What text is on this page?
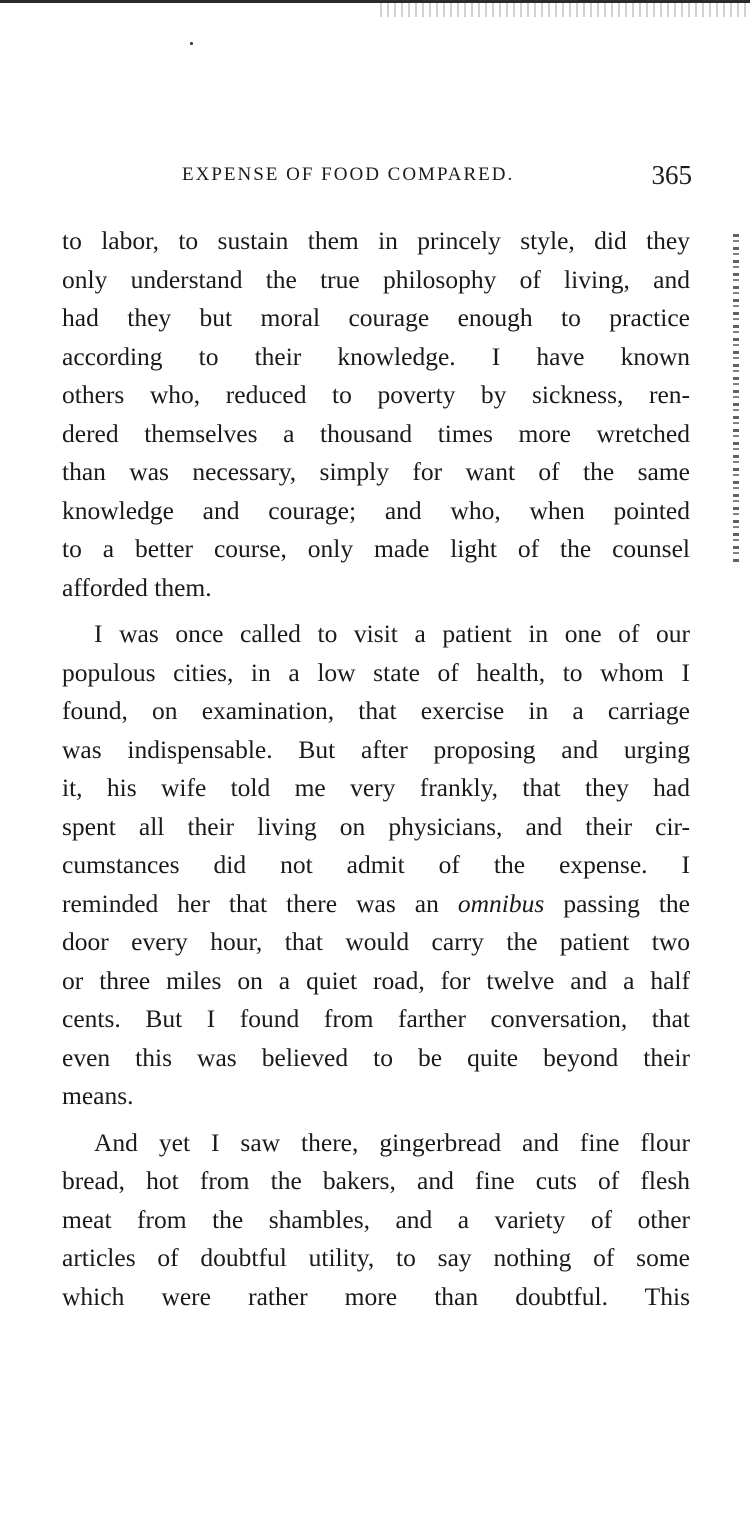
EXPENSE OF FOOD COMPARED.	365
to labor, to sustain them in princely style, did they
only understand the true philosophy of living, and
had they but moral courage enough to practice
according to their knowledge. I have known
others who, reduced to poverty by sickness, ren-
dered themselves a thousand times more wretched
than was necessary, simply for want of the same
knowledge and courage; and who, when pointed
to a better course, only made light of the counsel
afforded them.
I was once called to visit a patient in one of our
populous cities, in a low state of health, to whom I
found, on examination, that exercise in a carriage
was indispensable. But after proposing and urging
it, his wife told me very frankly, that they had
spent all their living on physicians, and their cir-
cumstances did not admit of the expense. I
reminded her that there was an omnibus passing the
door every hour, that would carry the patient two
or three miles on a quiet road, for twelve and a half
cents. But I found from farther conversation, that
even this was believed to be quite beyond their
means.
And yet I saw there, gingerbread and fine flour
bread, hot from the bakers, and fine cuts of flesh
meat from the shambles, and a variety of other
articles of doubtful utility, to say nothing of some
which were rather more than doubtful. This
